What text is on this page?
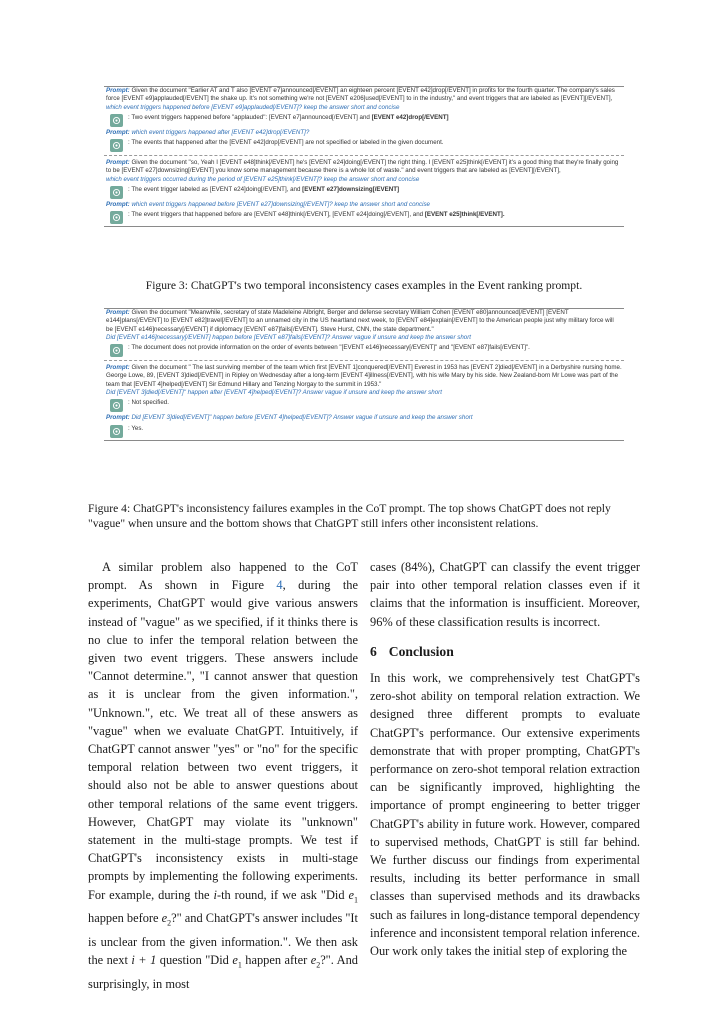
Prompt: Given the document "Earlier AT and T also [EVENT e7]announced[/EVENT] an eighteen percent [EVENT e42]drop[/EVENT] in profits for the fourth quarter. The company's sales force [EVENT e9]applauded[/EVENT] the shake up. It's not something we're not [EVENT e206]used[/EVENT] to in the industry," and event triggers that are labeled as [EVENT][/EVENT],
which event triggers happened before [EVENT e9]applauded[/EVENT]? keep the answer short and concise
: Two event triggers happened before "applauded": [EVENT e7]announced[/EVENT] and [EVENT e42]drop[/EVENT]
Prompt: which event triggers happened after [EVENT e42]drop[/EVENT]?
: The events that happened after the [EVENT e42]drop[/EVENT] are not specified or labeled in the given document.
Prompt: Given the document "so, Yeah I [EVENT e48]think[/EVENT] he's [EVENT e24]doing[/EVENT] the right thing. I [EVENT e25]think[/EVENT] it's a good thing that they're finally going to be [EVENT e27]downsizing[/EVENT] you know some management because there is a whole lot of waste." and event triggers that are labeled as [EVENT][/EVENT],
which event triggers occurred during the period of [EVENT e25]think[/EVENT]? keep the answer short and concise
: The event trigger labeled as [EVENT e24]doing[/EVENT], and [EVENT e27]downsizing[/EVENT]
Prompt: which event triggers happened before [EVENT e27]downsizing[/EVENT]? keep the answer short and concise
: The event triggers that happened before are [EVENT e48]think[/EVENT], [EVENT e24]doing[/EVENT], and [EVENT e25]think[/EVENT].
Figure 3: ChatGPT's two temporal inconsistency cases examples in the Event ranking prompt.
Prompt: Given the document "Meanwhile, secretary of state Madeleine Albright, Berger and defense secretary William Cohen [EVENT e80]announced[/EVENT] [EVENT e144]plans[/EVENT] to [EVENT e82]travel[/EVENT] to an unnamed city in the US heartland next week, to [EVENT e84]explain[/EVENT] to the American people just why military force will be [EVENT e146]necessary[/EVENT] if diplomacy [EVENT e87]fails[/EVENT]. Steve Hurst, CNN, the state department."
Did [EVENT e146]necessary[/EVENT] happen before [EVENT e87]fails[/EVENT]? Answer vague if unsure and keep the answer short
: The document does not provide information on the order of events between "[EVENT e146]necessary[/EVENT]" and "[EVENT e87]fails[/EVENT]".
Prompt: Given the document " The last surviving member of the team which first [EVENT 1]conquered[/EVENT] Everest in 1953 has [EVENT 2]died[/EVENT] in a Derbyshire nursing home. George Lowe, 89, [EVENT 3]died[/EVENT] in Ripley on Wednesday after a long-term [EVENT 4]illness[/EVENT], with his wife Mary by his side. New Zealand-born Mr Lowe was part of the team that [EVENT 4]helped[/EVENT] Sir Edmund Hillary and Tenzing Norgay to the summit in 1953."
Did [EVENT 3]died[/EVENT]" happen after [EVENT 4]helped[/EVENT]? Answer vague if unsure and keep the answer short
: Not specified.
Prompt: Did [EVENT 3]died[/EVENT]" happen before [EVENT 4]helped[/EVENT]? Answer vague if unsure and keep the answer short
: Yes.
Figure 4: ChatGPT's inconsistency failures examples in the CoT prompt. The top shows ChatGPT does not reply "vague" when unsure and the bottom shows that ChatGPT still infers other inconsistent relations.

A similar problem also happened to the CoT prompt. As shown in Figure 4, during the experiments, ChatGPT would give various answers instead of "vague" as we specified, if it thinks there is no clue to infer the temporal relation between the given two event triggers. These answers include "Cannot determine.", "I cannot answer that question as it is unclear from the given information.", "Unknown.", etc. We treat all of these answers as "vague" when we evaluate ChatGPT. Intuitively, if ChatGPT cannot answer "yes" or "no" for the specific temporal relation between two event triggers, it should also not be able to answer questions about other temporal relations of the same event triggers. However, ChatGPT may violate its "unknown" statement in the multi-stage prompts. We test if ChatGPT's inconsistency exists in multi-stage prompts by implementing the following experiments. For example, during the i-th round, if we ask "Did $e_1$ happen before $e_2$?" and ChatGPT's answer includes "It is unclear from the given information.". We then ask the next i + 1 question "Did $e_1$ happen after $e_2$?". And surprisingly, in most

cases (84%), ChatGPT can classify the event trigger pair into other temporal relation classes even if it claims that the information is insufficient. Moreover, 96% of these classification results is incorrect.

6 Conclusion

In this work, we comprehensively test ChatGPT's zero-shot ability on temporal relation extraction. We designed three different prompts to evaluate ChatGPT's performance. Our extensive experiments demonstrate that with proper prompting, ChatGPT's performance on zero-shot temporal relation extraction can be significantly improved, highlighting the importance of prompt engineering to better trigger ChatGPT's ability in future work. However, compared to supervised methods, ChatGPT is still far behind. We further discuss our findings from experimental results, including its better performance in small classes than supervised methods and its drawbacks such as failures in long-distance temporal dependency inference and inconsistent temporal relation inference. Our work only takes the initial step of exploring the
